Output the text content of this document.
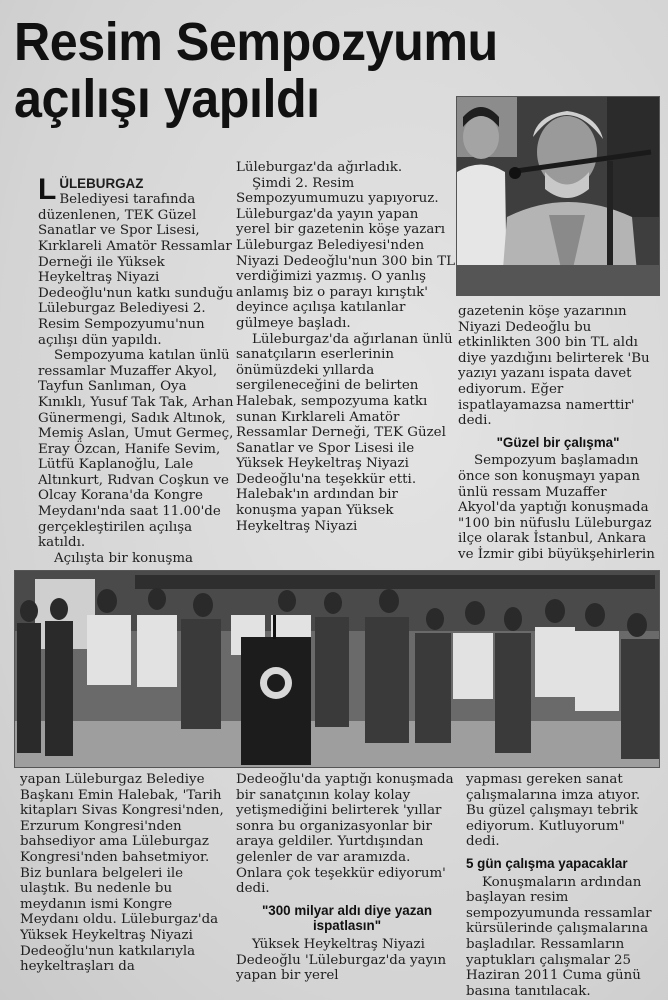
Resim Sempozyumu
açılışı yapıldı

LÜLEBURGAZ
Belediyesi tarafında düzenlenen, TEK Güzel Sanatlar ve Spor Lisesi, Kırklareli Amatör Ressamlar Derneği ile Yüksek Heykeltraş Niyazi Dedeoğlu'nun katkı sunduğu Lüleburgaz Belediyesi 2. Resim Sempozyumu'nun açılışı dün yapıldı.

Sempozyuma katılan ünlü ressamlar Muzaffer Akyol, Tayfun Sanlıman, Oya Kınıklı, Yusuf Tak Tak, Arhan Günermengi, Sadık Altınok, Memiş Aslan, Umut Germeç, Eray Özcan, Hanife Sevim, Lütfü Kaplanoğlu, Lale Altınkurt, Rıdvan Coşkun ve Olcay Korana'da Kongre Meydanı'nda saat 11.00'de gerçekleştirilen açılışa katıldı.

Açılışta bir konuşma

Lüleburgaz'da ağırladık.

Şimdi 2. Resim Sempozyumumuzu yapıyoruz. Lüleburgaz'da yayın yapan yerel bir gazetenin köşe yazarı Lüleburgaz Belediyesi'nden Niyazi Dedeoğlu'nun 300 bin TL verdiğimizi yazmış. O yanlış anlamış biz o parayı kırıştık' deyince açılışa katılanlar gülmeye başladı.

Lüleburgaz'da ağırlanan ünlü sanatçıların eserlerinin önümüzdeki yıllarda sergileneceğini de belirten Halebak, sempozyuma katkı sunan Kırklareli Amatör Ressamlar Derneği, TEK Güzel Sanatlar ve Spor Lisesi ile Yüksek Heykeltraş Niyazi Dedeoğlu'na teşekkür etti. Halebak'ın ardından bir konuşma yapan Yüksek Heykeltraş Niyazi

gazetenin köşe yazarının Niyazi Dedeoğlu bu etkinlikten 300 bin TL aldı diye yazdığını belirterek 'Bu yazıyı yazanı ispata davet ediyorum. Eğer ispatlayamazsa namerttir' dedi.

"Güzel bir çalışma"

Sempozyum başlamadın önce son konuşmayı yapan ünlü ressam Muzaffer Akyol'da yaptığı konuşmada "100 bin nüfuslu Lüleburgaz ilçe olarak İstanbul, Ankara ve İzmir gibi büyükşehirlerin

yapan Lüleburgaz Belediye Başkanı Emin Halebak, 'Tarih kitapları Sivas Kongresi'nden, Erzurum Kongresi'nden bahsediyor ama Lüleburgaz Kongresi'nden bahsetmiyor. Biz bunlara belgeleri ile ulaştık. Bu nedenle bu meydanın ismi Kongre Meydanı oldu. Lüleburgaz'da Yüksek Heykeltraş Niyazi Dedeoğlu'nun katkılarıyla heykeltraşları da

Dedeoğlu'da yaptığı konuşmada bir sanatçının kolay kolay yetişmediğini belirterek 'yıllar sonra bu organizasyonlar bir araya geldiler. Yurtdışından gelenler de var aramızda. Onlara çok teşekkür ediyorum' dedi.

"300 milyar aldı diye yazan ispatlasın"

Yüksek Heykeltraş Niyazi Dedeoğlu 'Lüleburgaz'da yayın yapan bir yerel

yapması gereken sanat çalışmalarına imza atıyor. Bu güzel çalışmayı tebrik ediyorum. Kutluyorum" dedi.

5 gün çalışma yapacaklar

Konuşmaların ardından başlayan resim sempozyumunda ressamlar kürsülerinde çalışmalarına başladılar. Ressamların yaptukları çalışmalar 25 Haziran 2011 Cuma günü basına tanıtılacak.
